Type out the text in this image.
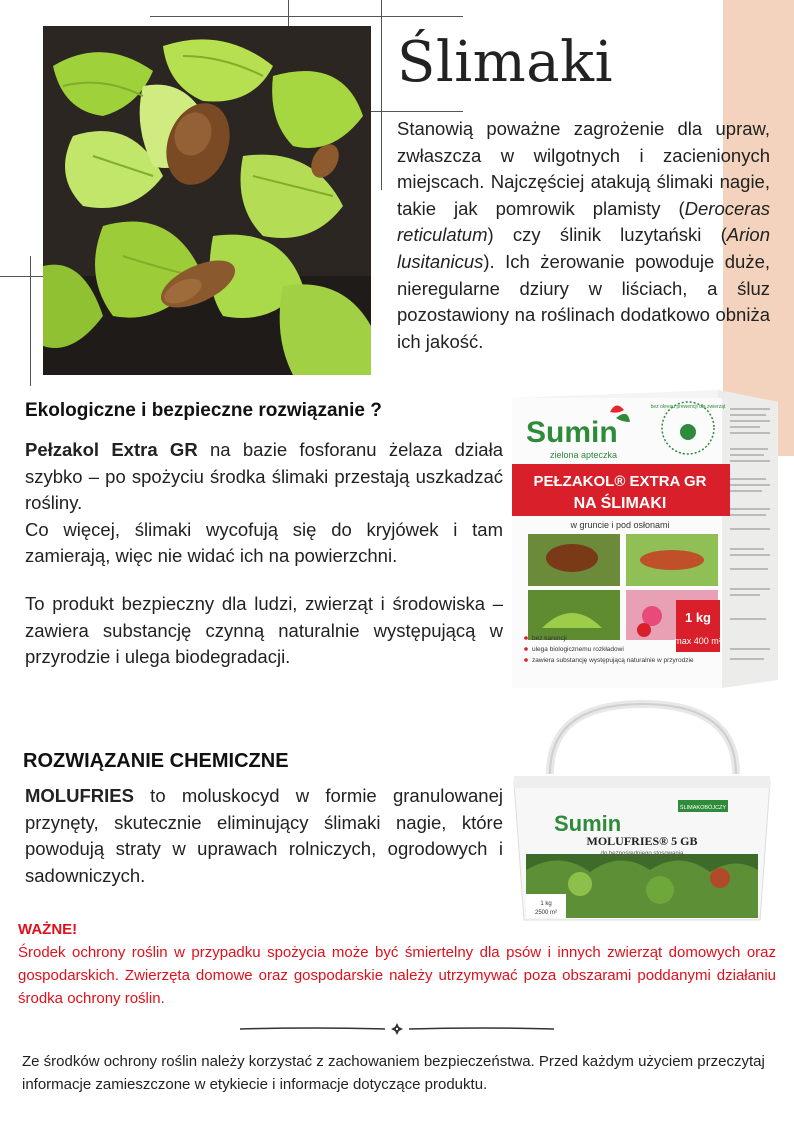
Ślimaki

Stanowią poważne zagrożenie dla upraw, zwłaszcza w wilgotnych i zacienionych miejscach. Najczęściej atakują ślimaki nagie, takie jak pomrowik plamisty (Deroceras reticulatum) czy ślinik luzytański (Arion lusitanicus). Ich żerowanie powoduje duże, nieregularne dziury w liściach, a śluz pozostawiony na roślinach dodatkowo obniża ich jakość.

Ekologiczne i bezpieczne rozwiązanie ?

Pełzakol Extra GR na bazie fosforanu żelaza działa szybko – po spożyciu środka ślimaki przestają uszkadzać rośliny.
Co więcej, ślimaki wycofują się do kryjówek i tam zamierają, więc nie widać ich na powierzchni.

To produkt bezpieczny dla ludzi, zwierząt i środowiska – zawiera substancję czynną naturalnie występującą w przyrodzie i ulega biodegradacji.

ROZWIĄZANIE CHEMICZNE

MOLUFRIES to moluskocyd w formie granulowanej przynęty, skutecznie eliminujący ślimaki nagie, które powodują straty w uprawach rolniczych, ogrodowych i sadowniczych.

WAŻNE!

Środek ochrony roślin w przypadku spożycia może być śmiertelny dla psów i innych zwierząt domowych oraz gospodarskich. Zwierzęta domowe oraz gospodarskie należy utrzymywać poza obszarami poddanymi działaniu środka ochrony roślin.

Ze środków ochrony roślin należy korzystać z zachowaniem bezpieczeństwa. Przed każdym użyciem przeczytaj informacje zamieszczone w etykiecie i informacje dotyczące produktu.

Sumin
zielona apteczka
bez okresu prewencji dla zwierząt
PEŁZAKOL® EXTRA GR
NA ŚLIMAKI
w gruncie i pod osłonami
1 kg
max 400 m²
bez karencji
ulega biologicznemu rozkładowi
zawiera substancję występującą naturalnie w przyrodzie
1 kg
2500 m²
Sumin
ŚLIMAKOBÓJCZY
MOLUFRIES® 5 GB
do bezpośredniego stosowania
